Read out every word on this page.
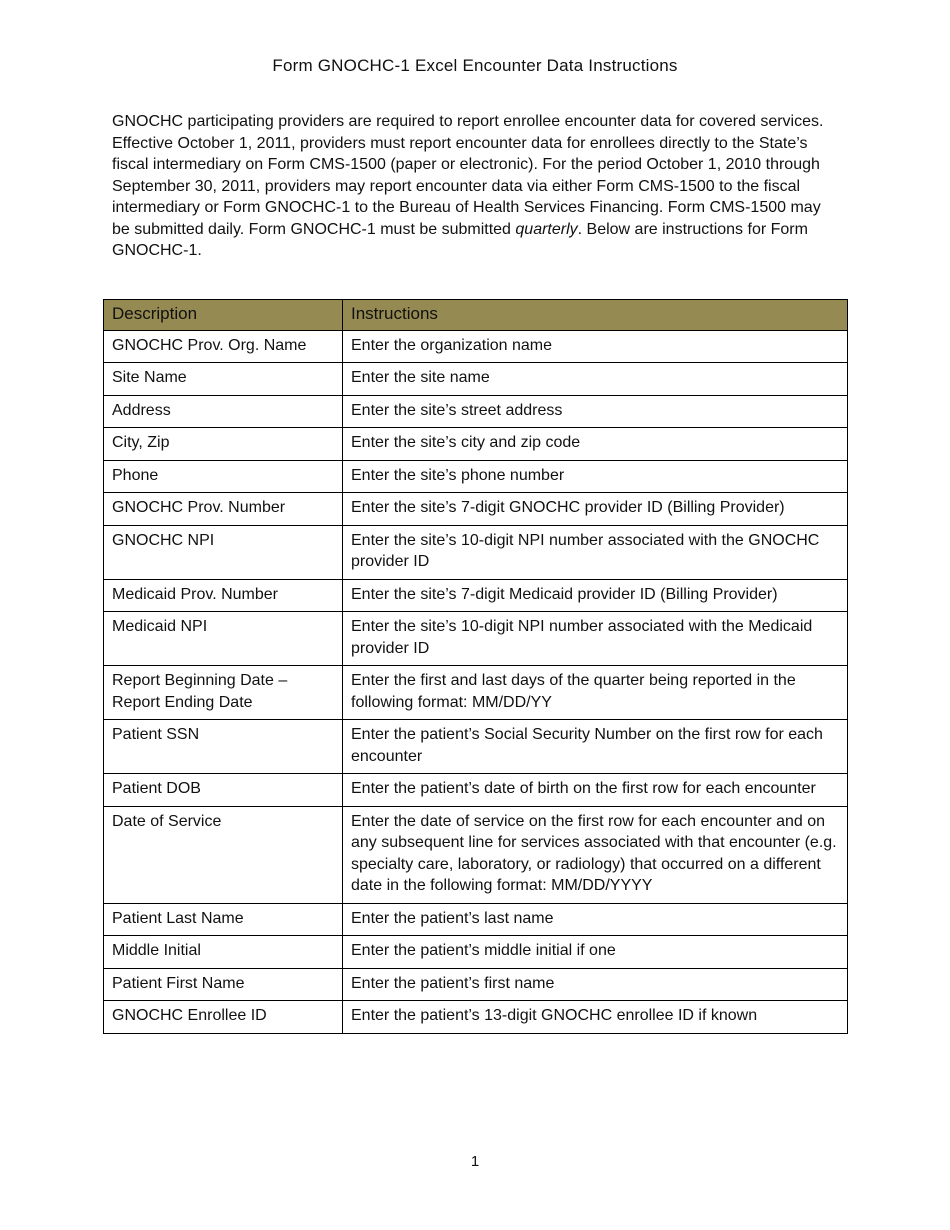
Form GNOCHC-1 Excel Encounter Data Instructions

GNOCHC participating providers are required to report enrollee encounter data for covered services. Effective October 1, 2011, providers must report encounter data for enrollees directly to the State’s fiscal intermediary on Form CMS-1500 (paper or electronic). For the period October 1, 2010 through September 30, 2011, providers may report encounter data via either Form CMS-1500 to the fiscal intermediary or Form GNOCHC-1 to the Bureau of Health Services Financing. Form CMS-1500 may be submitted daily. Form GNOCHC-1 must be submitted quarterly. Below are instructions for Form GNOCHC-1.

Description	Instructions
GNOCHC Prov. Org. Name	Enter the organization name
Site Name	Enter the site name
Address	Enter the site’s street address
City, Zip	Enter the site’s city and zip code
Phone	Enter the site’s phone number
GNOCHC Prov. Number	Enter the site’s 7-digit GNOCHC provider ID (Billing Provider)
GNOCHC NPI	Enter the site’s 10-digit NPI number associated with the GNOCHC provider ID
Medicaid Prov. Number	Enter the site’s 7-digit Medicaid provider ID (Billing Provider)
Medicaid NPI	Enter the site’s 10-digit NPI number associated with the Medicaid provider ID
Report Beginning Date – Report Ending Date	Enter the first and last days of the quarter being reported in the following format: MM/DD/YY
Patient SSN	Enter the patient’s Social Security Number on the first row for each encounter
Patient DOB	Enter the patient’s date of birth on the first row for each encounter
Date of Service	Enter the date of service on the first row for each encounter and on any subsequent line for services associated with that encounter (e.g. specialty care, laboratory, or radiology) that occurred on a different date in the following format: MM/DD/YYYY
Patient Last Name	Enter the patient’s last name
Middle Initial	Enter the patient’s middle initial if one
Patient First Name	Enter the patient’s first name
GNOCHC Enrollee ID	Enter the patient’s 13-digit GNOCHC enrollee ID if known
1
